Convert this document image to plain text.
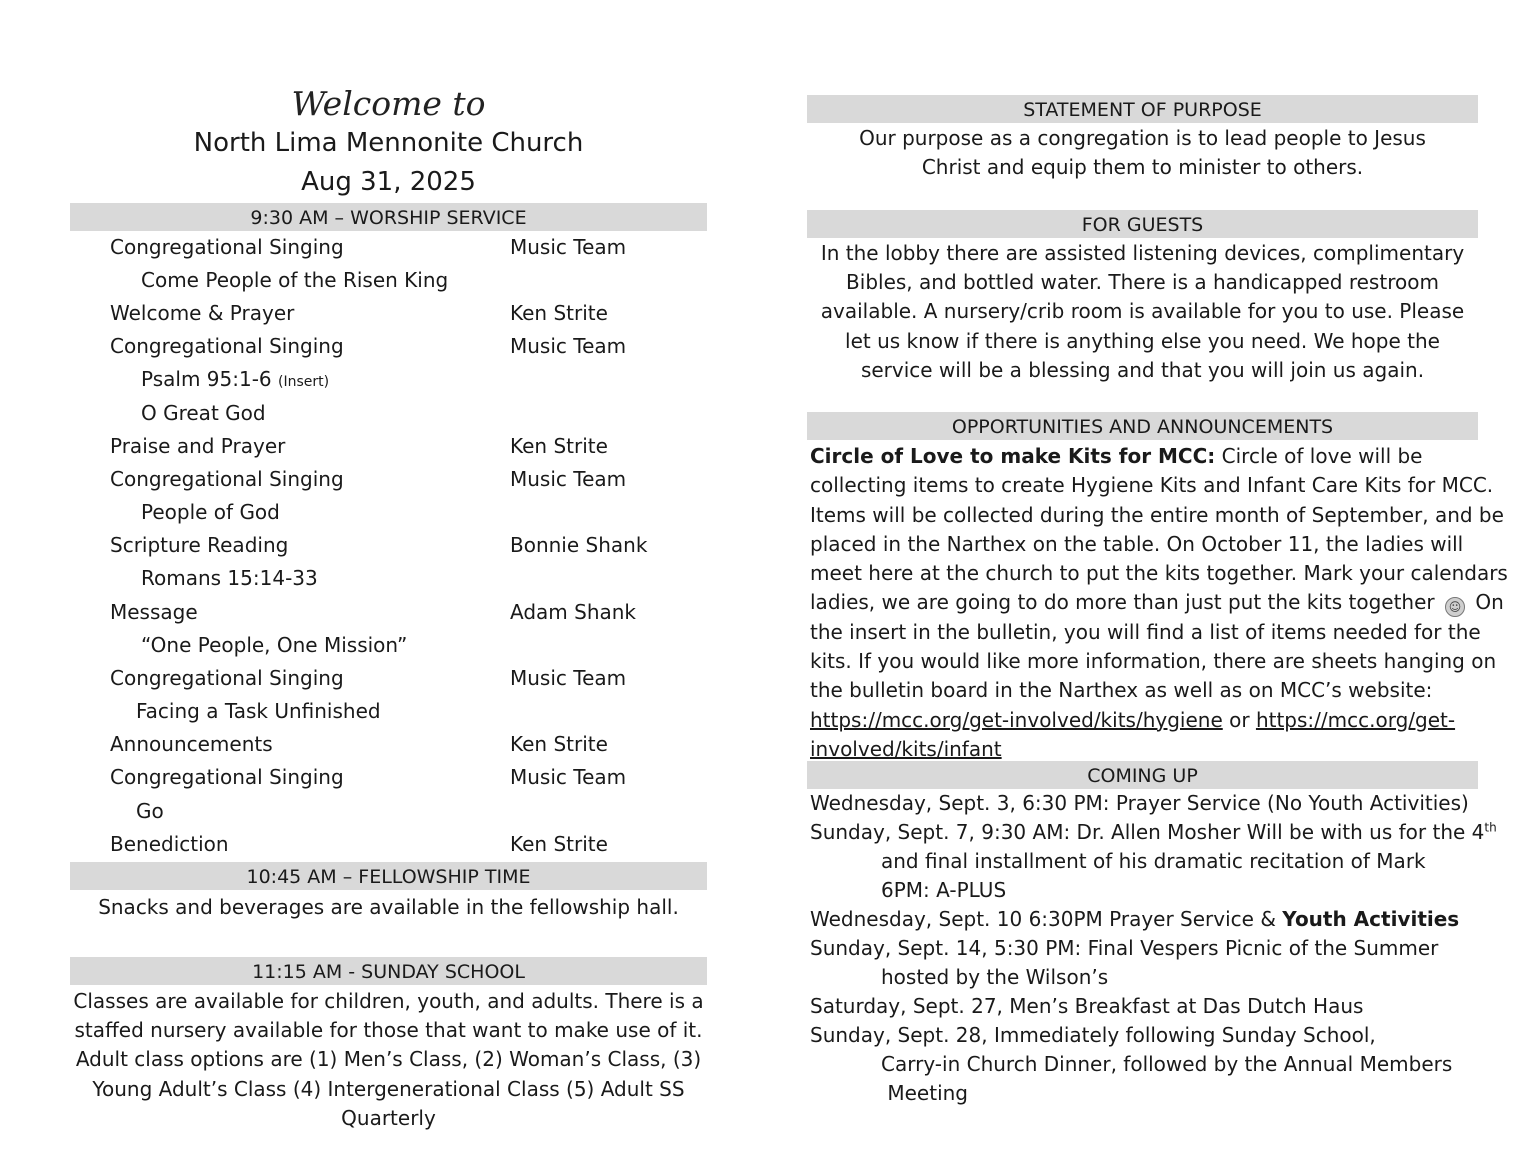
Welcome to
North Lima Mennonite Church
Aug 31, 2025
9:30 AM – WORSHIP SERVICE
Congregational Singing	Music Team
Come People of the Risen King
Welcome & Prayer	Ken Strite
Congregational Singing	Music Team
Psalm 95:1-6 (Insert)
O Great God
Praise and Prayer	Ken Strite
Congregational Singing	Music Team
People of God
Scripture Reading	Bonnie Shank
Romans 15:14-33
Message	Adam Shank
“One People, One Mission”
Congregational Singing	Music Team
Facing a Task Unfinished
Announcements	Ken Strite
Congregational Singing	Music Team
Go
Benediction	Ken Strite
10:45 AM – FELLOWSHIP TIME
Snacks and beverages are available in the fellowship hall.
11:15 AM - SUNDAY SCHOOL
Classes are available for children, youth, and adults. There is a
staffed nursery available for those that want to make use of it.
Adult class options are (1) Men’s Class, (2) Woman’s Class, (3)
Young Adult’s Class (4) Intergenerational Class (5) Adult SS
Quarterly
STATEMENT OF PURPOSE
Our purpose as a congregation is to lead people to Jesus
Christ and equip them to minister to others.
FOR GUESTS
In the lobby there are assisted listening devices, complimentary
Bibles, and bottled water. There is a handicapped restroom
available. A nursery/crib room is available for you to use. Please
let us know if there is anything else you need. We hope the
service will be a blessing and that you will join us again.
OPPORTUNITIES AND ANNOUNCEMENTS
Circle of Love to make Kits for MCC: Circle of love will be collecting items to create Hygiene Kits and Infant Care Kits for MCC. Items will be collected during the entire month of September, and be placed in the Narthex on the table. On October 11, the ladies will meet here at the church to put the kits together. Mark your calendars ladies, we are going to do more than just put the kits together ☺ On the insert in the bulletin, you will find a list of items needed for the kits. If you would like more information, there are sheets hanging on the bulletin board in the Narthex as well as on MCC’s website: https://mcc.org/get-involved/kits/hygiene or https://mcc.org/get-involved/kits/infant
COMING UP
Wednesday, Sept. 3, 6:30 PM: Prayer Service (No Youth Activities)
Sunday, Sept. 7, 9:30 AM: Dr. Allen Mosher Will be with us for the 4th
and final installment of his dramatic recitation of Mark
6PM: A-PLUS
Wednesday, Sept. 10 6:30PM Prayer Service & Youth Activities
Sunday, Sept. 14, 5:30 PM: Final Vespers Picnic of the Summer
hosted by the Wilson’s
Saturday, Sept. 27, Men’s Breakfast at Das Dutch Haus
Sunday, Sept. 28, Immediately following Sunday School,
Carry-in Church Dinner, followed by the Annual Members
Meeting
